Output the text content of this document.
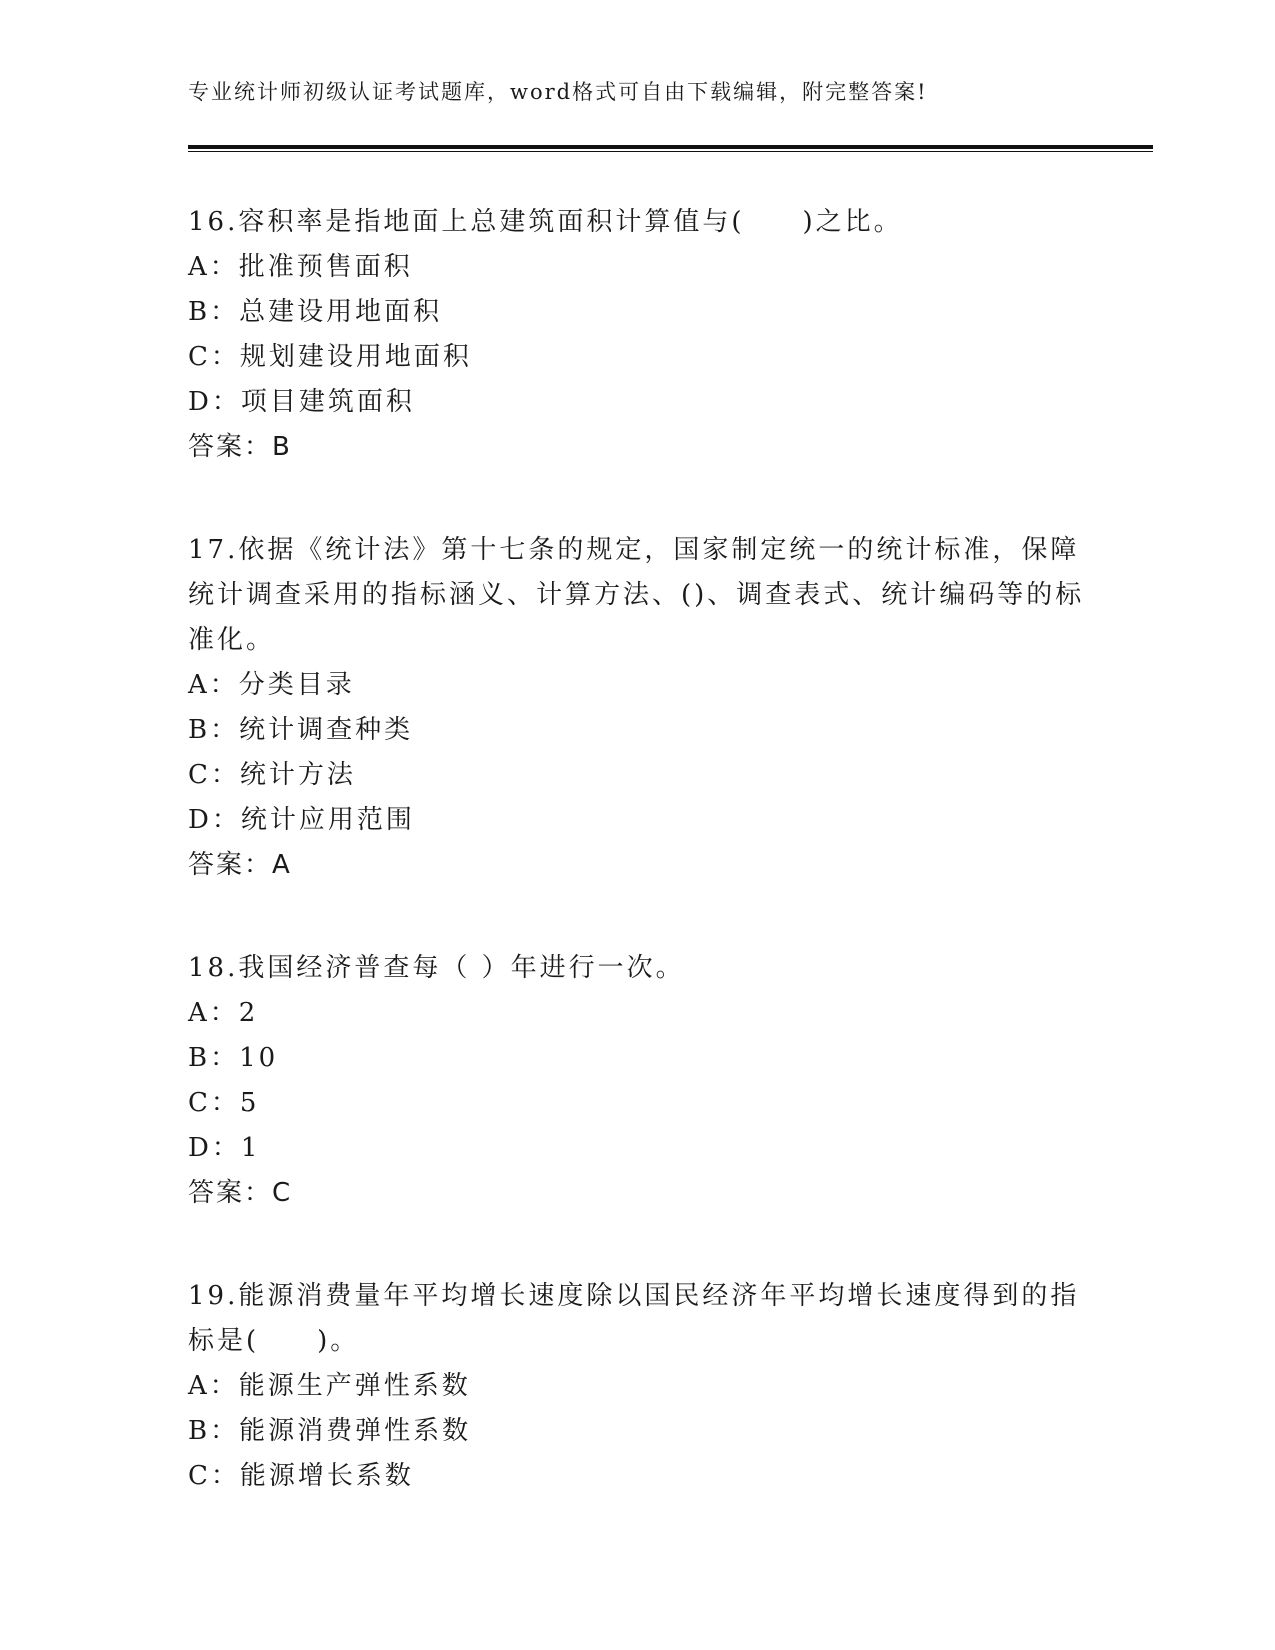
专业统计师初级认证考试题库，word格式可自由下载编辑，附完整答案!

16.容积率是指地面上总建筑面积计算值与(　　)之比。

A：批准预售面积

B：总建设用地面积

C：规划建设用地面积

D：项目建筑面积

答案：B

17.依据《统计法》第十七条的规定，国家制定统一的统计标准，保障统计调查采用的指标涵义、计算方法、()、调查表式、统计编码等的标准化。

A：分类目录

B：统计调查种类

C：统计方法

D：统计应用范围

答案：A

18.我国经济普查每（ ）年进行一次。

A：2

B：10

C：5

D：1

答案：C

19.能源消费量年平均增长速度除以国民经济年平均增长速度得到的指标是(　　)。

A：能源生产弹性系数

B：能源消费弹性系数

C：能源增长系数
